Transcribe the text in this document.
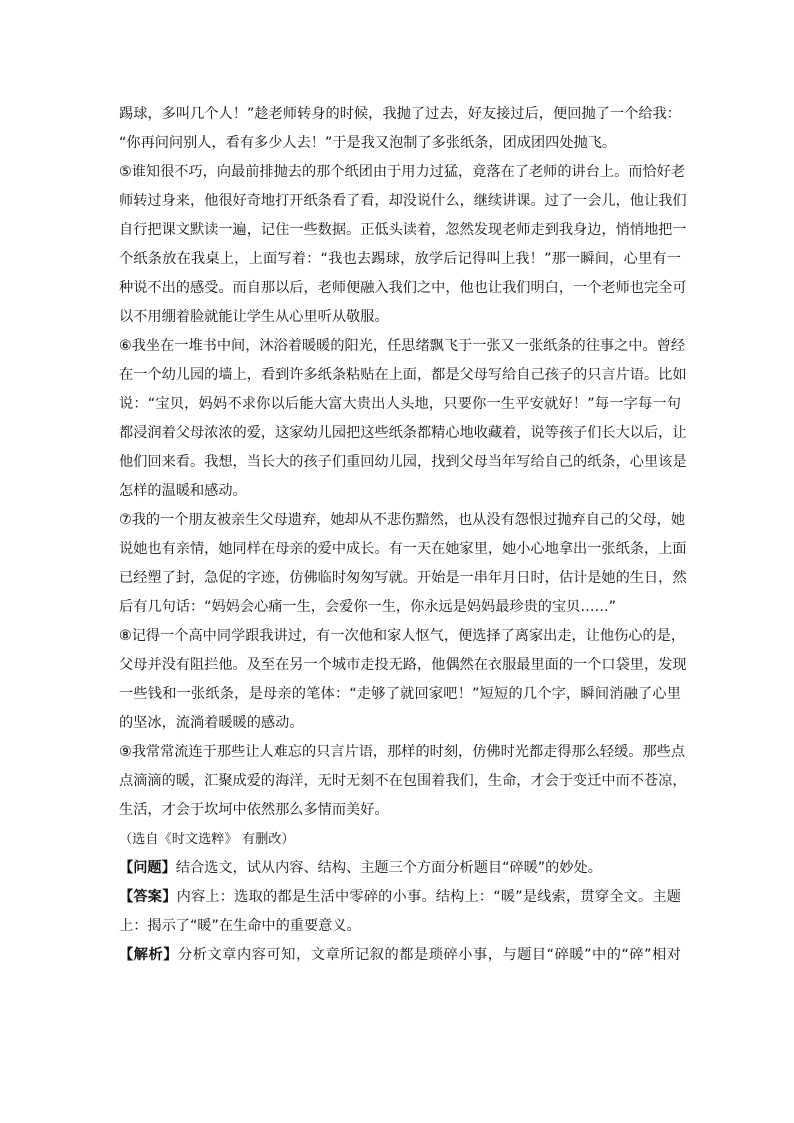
踢球，多叫几个人！”趁老师转身的时候，我抛了过去，好友接过后，便回抛了一个给我：
“你再问问别人，看有多少人去！”于是我又泡制了多张纸条，团成团四处抛飞。
⑤谁知很不巧，向最前排抛去的那个纸团由于用力过猛，竟落在了老师的讲台上。而恰好老
师转过身来，他很好奇地打开纸条看了看，却没说什么，继续讲课。过了一会儿，他让我们
自行把课文默读一遍，记住一些数据。正低头读着，忽然发现老师走到我身边，悄悄地把一
个纸条放在我桌上，上面写着：“我也去踢球，放学后记得叫上我！”那一瞬间，心里有一
种说不出的感受。而自那以后，老师便融入我们之中，他也让我们明白，一个老师也完全可
以不用绷着脸就能让学生从心里听从敬服。
⑥我坐在一堆书中间，沐浴着暖暖的阳光，任思绪飘飞于一张又一张纸条的往事之中。曾经
在一个幼儿园的墙上，看到许多纸条粘贴在上面，都是父母写给自己孩子的只言片语。比如
说：“宝贝，妈妈不求你以后能大富大贵出人头地，只要你一生平安就好！”每一字每一句
都浸润着父母浓浓的爱，这家幼儿园把这些纸条都精心地收藏着，说等孩子们长大以后，让
他们回来看。我想，当长大的孩子们重回幼儿园，找到父母当年写给自己的纸条，心里该是
怎样的温暖和感动。
⑦我的一个朋友被亲生父母遗弃，她却从不悲伤黯然，也从没有怨恨过抛弃自己的父母，她
说她也有亲情，她同样在母亲的爱中成长。有一天在她家里，她小心地拿出一张纸条，上面
已经塑了封，急促的字迹，仿佛临时匆匆写就。开始是一串年月日时，估计是她的生日，然
后有几句话：“妈妈会心痛一生，会爱你一生，你永远是妈妈最珍贵的宝贝……”
⑧记得一个高中同学跟我讲过，有一次他和家人怄气，便选择了离家出走，让他伤心的是，
父母并没有阻拦他。及至在另一个城市走投无路，他偶然在衣服最里面的一个口袋里，发现
一些钱和一张纸条，是母亲的笔体：“走够了就回家吧！”短短的几个字，瞬间消融了心里
的坚冰，流淌着暖暖的感动。
⑨我常常流连于那些让人难忘的只言片语，那样的时刻，仿佛时光都走得那么轻缓。那些点
点滴滴的暖，汇聚成爱的海洋，无时无刻不在包围着我们，生命，才会于变迁中而不苍凉，
生活，才会于坎坷中依然那么多情而美好。
（选自《时文选粹》 有删改）
【问题】结合选文，试从内容、结构、主题三个方面分析题目“碎暖”的妙处。
【答案】内容上：选取的都是生活中零碎的小事。结构上：“暖”是线索，贯穿全文。主题
上：揭示了“暖”在生命中的重要意义。
【解析】分析文章内容可知，文章所记叙的都是琐碎小事，与题目“碎暖”中的“碎”相对
